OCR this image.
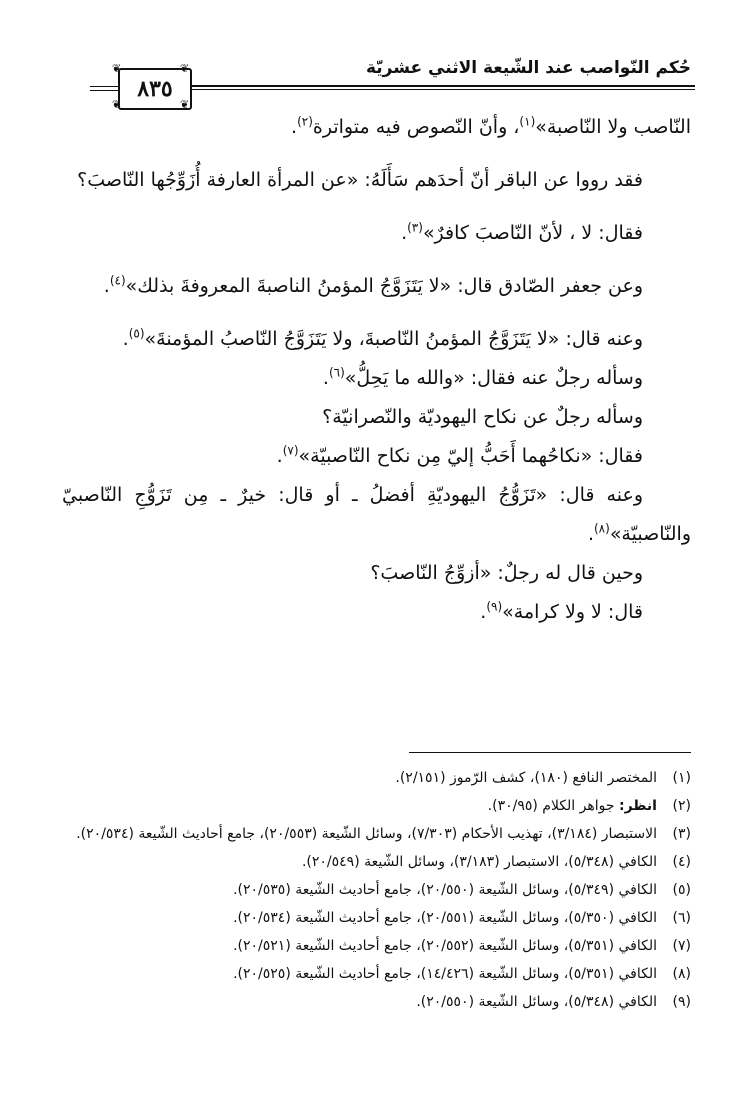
حُكم النّواصب عند الشّيعة الاثني عشريّة
٨٣٥
❦	❦
❦	❦

النّاصب ولا النّاصبة»$^{(١)}$، وأنّ النّصوص فيه متواترة$^{(٢)}$.

فقد رووا عن الباقر أنّ أحدَهم سَأَلَهُ: «عن المرأة العارفة أُزَوِّجُها النّاصبَ؟

فقال: لا ، لأنّ النّاصبَ كافرٌ»$^{(٣)}$.

وعن جعفر الصّادق قال: «لا يَتَزَوَّجُ المؤمنُ الناصبةَ المعروفةَ بذلك»$^{(٤)}$.

وعنه قال: «لا يَتَزَوَّجُ المؤمنُ النّاصبةَ، ولا يَتَزَوَّجُ النّاصبُ المؤمنةَ»$^{(٥)}$.

وسأله رجلٌ عنه فقال: «والله ما يَحِلُّ»$^{(٦)}$.

وسأله رجلٌ عن نكاح اليهوديّة والنّصرانيّة؟

فقال: «نكاحُهما أَحَبُّ إليّ مِن نكاح النّاصبيّة»$^{(٧)}$.

وعنه قال: «تَزَوُّجُ اليهوديّةِ أفضلُ ـ أو قال: خيرٌ ـ مِن تَزَوُّجِ النّاصبيّ والنّاصبيّة»$^{(٨)}$.

وحين قال له رجلٌ: «أزوِّجُ النّاصبَ؟

قال: لا ولا كرامة»$^{(٩)}$.

(١)
المختصر النافع (١٨٠)، كشف الرّموز (٢/١٥١).
(٢)
انظر: جواهر الكلام (٣٠/٩٥).
(٣)
الاستبصار (٣/١٨٤)، تهذيب الأحكام (٧/٣٠٣)، وسائل الشّيعة (٢٠/٥٥٣)، جامع أحاديث الشّيعة (٢٠/٥٣٤).
(٤)
الكافي (٥/٣٤٨)، الاستبصار (٣/١٨٣)، وسائل الشّيعة (٢٠/٥٤٩).
(٥)
الكافي (٥/٣٤٩)، وسائل الشّيعة (٢٠/٥٥٠)، جامع أحاديث الشّيعة (٢٠/٥٣٥).
(٦)
الكافي (٥/٣٥٠)، وسائل الشّيعة (٢٠/٥٥١)، جامع أحاديث الشّيعة (٢٠/٥٣٤).
(٧)
الكافي (٥/٣٥١)، وسائل الشّيعة (٢٠/٥٥٢)، جامع أحاديث الشّيعة (٢٠/٥٢١).
(٨)
الكافي (٥/٣٥١)، وسائل الشّيعة (١٤/٤٢٦)، جامع أحاديث الشّيعة (٢٠/٥٢٥).
(٩)
الكافي (٥/٣٤٨)، وسائل الشّيعة (٢٠/٥٥٠).
